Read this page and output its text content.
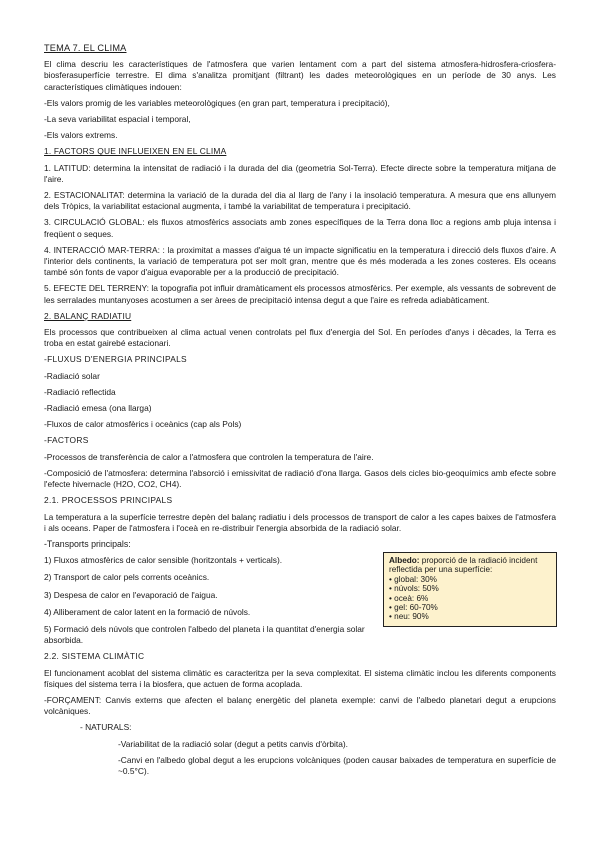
TEMA 7. EL CLIMA

El clima descriu les característiques de l'atmosfera que varien lentament com a part del sistema atmosfera-hidrosfera-criosfera-biosferasuperfície terrestre. El dima s'analitza promitjant (filtrant) les dades meteorològiques en un període de 30 anys. Les característiques climàtiques indouen:

-Els valors promig de les variables meteorològiques (en gran part, temperatura i precipitació),

-La seva variabilitat espacial i temporal,

-Els valors extrems.

1. FACTORS QUE INFLUEIXEN EN EL CLIMA

1. LATITUD: determina la intensitat de radiació i la durada del dia (geometria Sol-Terra). Efecte directe sobre la temperatura mitjana de l'aire.

2. ESTACIONALITAT: determina la variació de la durada del dia al llarg de l'any i la insolació temperatura. A mesura que ens allunyem dels Tròpics, la variabilitat estacional augmenta, i també la variabilitat de temperatura i precipitació.

3. CIRCULACIÓ GLOBAL: els fluxos atmosfèrics associats amb zones específiques de la Terra dona lloc a regions amb pluja intensa i freqüent o seques.

4. INTERACCIÓ MAR-TERRA: : la proximitat a masses d'aigua té un impacte significatiu en la temperatura i direcció dels fluxos d'aire. A l'interior dels continents, la variació de temperatura pot ser molt gran, mentre que és més moderada a les zones costeres. Els oceans també són fonts de vapor d'aigua evaporable per a la producció de precipitació.

5. EFECTE DEL TERRENY: la topografia pot influir dramàticament els processos atmosfèrics. Per exemple, als vessants de sobrevent de les serralades muntanyoses acostumen a ser àrees de precipitació intensa degut a que l'aire es refreda adiabàticament.

2. BALANÇ RADIATIU

Els processos que contribueixen al clima actual venen controlats pel flux d'energia del Sol. En períodes d'anys i dècades, la Terra es troba en estat gairebé estacionari.

-FLUXUS D'ENERGIA PRINCIPALS

-Radiació solar

-Radiació reflectida

-Radiació emesa (ona llarga)

-Fluxos de calor atmosfèrics i oceànics (cap als Pols)

-FACTORS

-Processos de transferència de calor a l'atmosfera que controlen la temperatura de l'aire.

-Composició de l'atmosfera: determina l'absorció i emissivitat de radiació d'ona llarga. Gasos dels cicles bio-geoquímics amb efecte sobre l'efecte hivernacle (H2O, CO2, CH4).

2.1. PROCESSOS PRINCIPALS

La temperatura a la superfície terrestre depèn del balanç radiatiu i dels processos de transport de calor a les capes baixes de l'atmosfera i als oceans. Paper de l'atmosfera i l'oceà en re-distribuir l'energia absorbida de la radiació solar.

-Transports principals:

1) Fluxos atmosfèrics de calor sensible (horitzontals + verticals).

2) Transport de calor pels corrents oceànics.

3) Despesa de calor en l'evaporació de l'aigua.

4) Alliberament de calor latent en la formació de núvols.

5) Formació dels núvols que controlen l'albedo del planeta i la quantitat d'energia solar absorbida.

Albedo: proporció de la radiació incident reflectida per una superfície:
• global: 30%
• núvols: 50%
• oceà: 6%
• gel: 60-70%
• neu: 90%

2.2. SISTEMA CLIMÀTIC

El funcionament acoblat del sistema climàtic es caracteritza per la seva complexitat. El sistema climàtic inclou les diferents components físiques del sistema terra i la biosfera, que actuen de forma acoplada.

-FORÇAMENT: Canvis externs que afecten el balanç energètic del planeta exemple: canvi de l'albedo planetari degut a erupcions volcàniques.

- NATURALS:

-Variabilitat de la radiació solar (degut a petits canvis d'òrbita).

-Canvi en l'albedo global degut a les erupcions volcàniques (poden causar baixades de temperatura en superfície de ~0.5°C).
